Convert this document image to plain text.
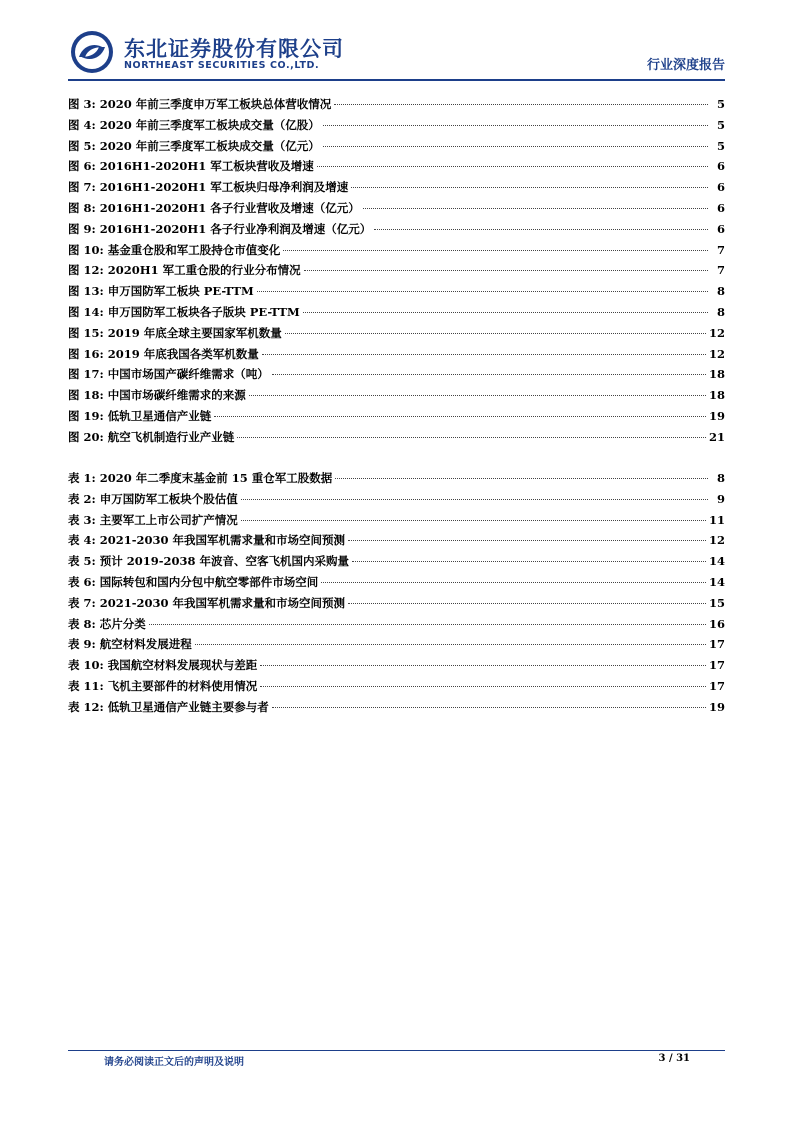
东北证券股份有限公司
NORTHEAST SECURITIES CO.,LTD.	行业深度报告
图 3: 2020 年前三季度申万军工板块总体营收情况	5
图 4: 2020 年前三季度军工板块成交量（亿股）	5
图 5: 2020 年前三季度军工板块成交量（亿元）	5
图 6: 2016H1-2020H1 军工板块营收及增速	6
图 7: 2016H1-2020H1 军工板块归母净利润及增速	6
图 8: 2016H1-2020H1 各子行业营收及增速（亿元）	6
图 9: 2016H1-2020H1 各子行业净利润及增速（亿元）	6
图 10: 基金重仓股和军工股持仓市值变化	7
图 12: 2020H1 军工重仓股的行业分布情况	7
图 13: 申万国防军工板块 PE-TTM	8
图 14: 申万国防军工板块各子版块 PE-TTM	8
图 15: 2019 年底全球主要国家军机数量	12
图 16: 2019 年底我国各类军机数量	12
图 17: 中国市场国产碳纤维需求（吨）	18
图 18: 中国市场碳纤维需求的来源	18
图 19: 低轨卫星通信产业链	19
图 20: 航空飞机制造行业产业链	21
表 1: 2020 年二季度末基金前 15 重仓军工股数据	8
表 2: 申万国防军工板块个股估值	9
表 3: 主要军工上市公司扩产情况	11
表 4: 2021-2030 年我国军机需求量和市场空间预测	12
表 5: 预计 2019-2038 年波音、空客飞机国内采购量	14
表 6: 国际转包和国内分包中航空零部件市场空间	14
表 7: 2021-2030 年我国军机需求量和市场空间预测	15
表 8: 芯片分类	16
表 9: 航空材料发展进程	17
表 10: 我国航空材料发展现状与差距	17
表 11: 飞机主要部件的材料使用情况	17
表 12: 低轨卫星通信产业链主要参与者	19
请务必阅读正文后的声明及说明	3 / 31
